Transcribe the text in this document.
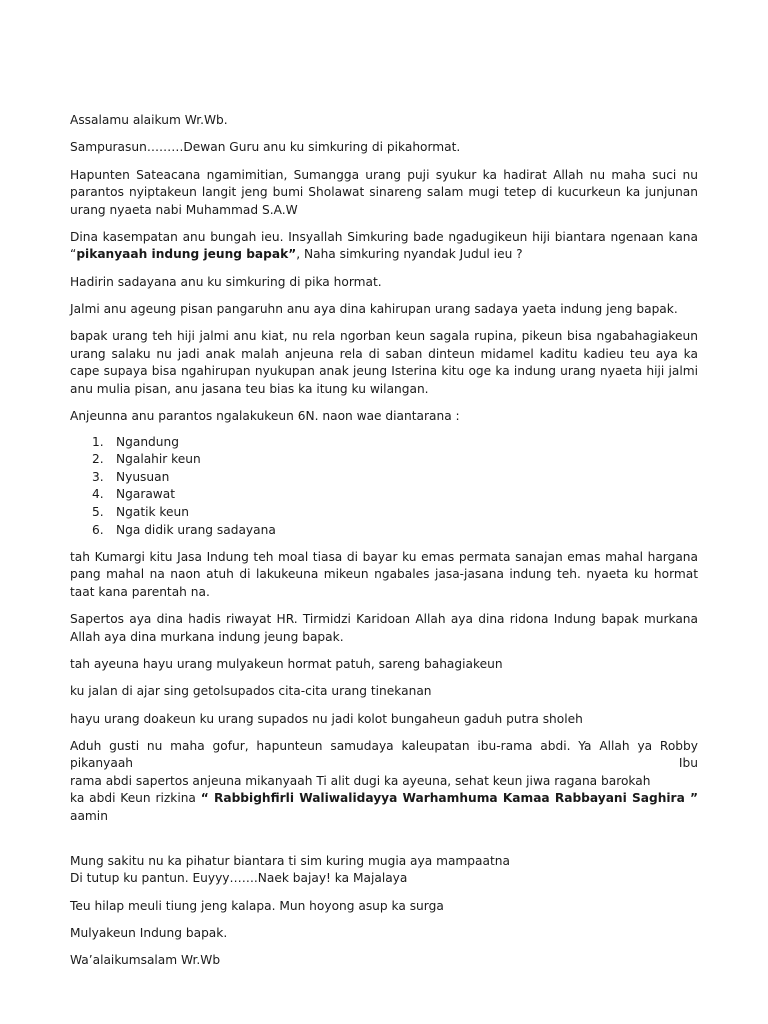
Assalamu alaikum Wr.Wb.

Sampurasun………Dewan Guru anu ku simkuring di pikahormat.

Hapunten Sateacana ngamimitian, Sumangga urang puji syukur ka hadirat Allah nu maha suci nu parantos nyiptakeun langit jeng bumi Sholawat sinareng salam mugi tetep di kucurkeun ka junjunan urang nyaeta nabi Muhammad S.A.W

Dina kasempatan anu bungah ieu. Insyallah Simkuring bade ngadugikeun hiji biantara ngenaan kana “pikanyaah indung jeung bapak”, Naha simkuring nyandak Judul ieu ?

Hadirin sadayana anu ku simkuring di pika hormat.

Jalmi anu ageung pisan pangaruhn anu aya dina kahirupan urang sadaya yaeta indung jeng bapak.

bapak urang teh hiji jalmi anu kiat, nu rela ngorban keun sagala rupina, pikeun bisa ngabahagiakeun urang salaku nu jadi anak malah anjeuna rela di saban dinteun midamel kaditu kadieu teu aya ka cape supaya bisa ngahirupan nyukupan anak jeung Isterina kitu oge ka indung urang nyaeta hiji jalmi anu mulia pisan, anu jasana teu bias ka itung ku wilangan.

Anjeunna anu parantos ngalakukeun 6N. naon wae diantarana :

1. Ngandung
2. Ngalahir keun
3. Nyusuan
4. Ngarawat
5. Ngatik keun
6. Nga didik urang sadayana

tah Kumargi kitu Jasa Indung teh moal tiasa di bayar ku emas permata sanajan emas mahal hargana pang mahal na naon atuh di lakukeuna mikeun ngabales jasa-jasana indung teh. nyaeta ku hormat taat kana parentah na.

Sapertos aya dina hadis riwayat HR. Tirmidzi Karidoan Allah aya dina ridona Indung bapak murkana Allah aya dina murkana indung jeung bapak.

tah ayeuna hayu urang mulyakeun hormat patuh, sareng bahagiakeun

ku jalan di ajar sing getolsupados cita-cita urang tinekanan

hayu urang doakeun ku urang supados nu jadi kolot bungaheun gaduh putra sholeh

Aduh gusti nu maha gofur, hapunteun samudaya kaleupatan ibu-rama abdi. Ya Allah ya Robby pikanyaah Ibu
rama abdi sapertos anjeuna mikanyaah Ti alit dugi ka ayeuna, sehat keun jiwa ragana barokah
ka abdi Keun rizkina “ Rabbighfirli Waliwalidayya Warhamhuma Kamaa Rabbayani Saghira ” aamin
Mung sakitu nu ka pihatur biantara ti sim kuring mugia aya mampaatna
Di tutup ku pantun. Euyyy…….Naek bajay! ka Majalaya

Teu hilap meuli tiung jeng kalapa. Mun hoyong asup ka surga

Mulyakeun Indung bapak.

Wa’alaikumsalam Wr.Wb
